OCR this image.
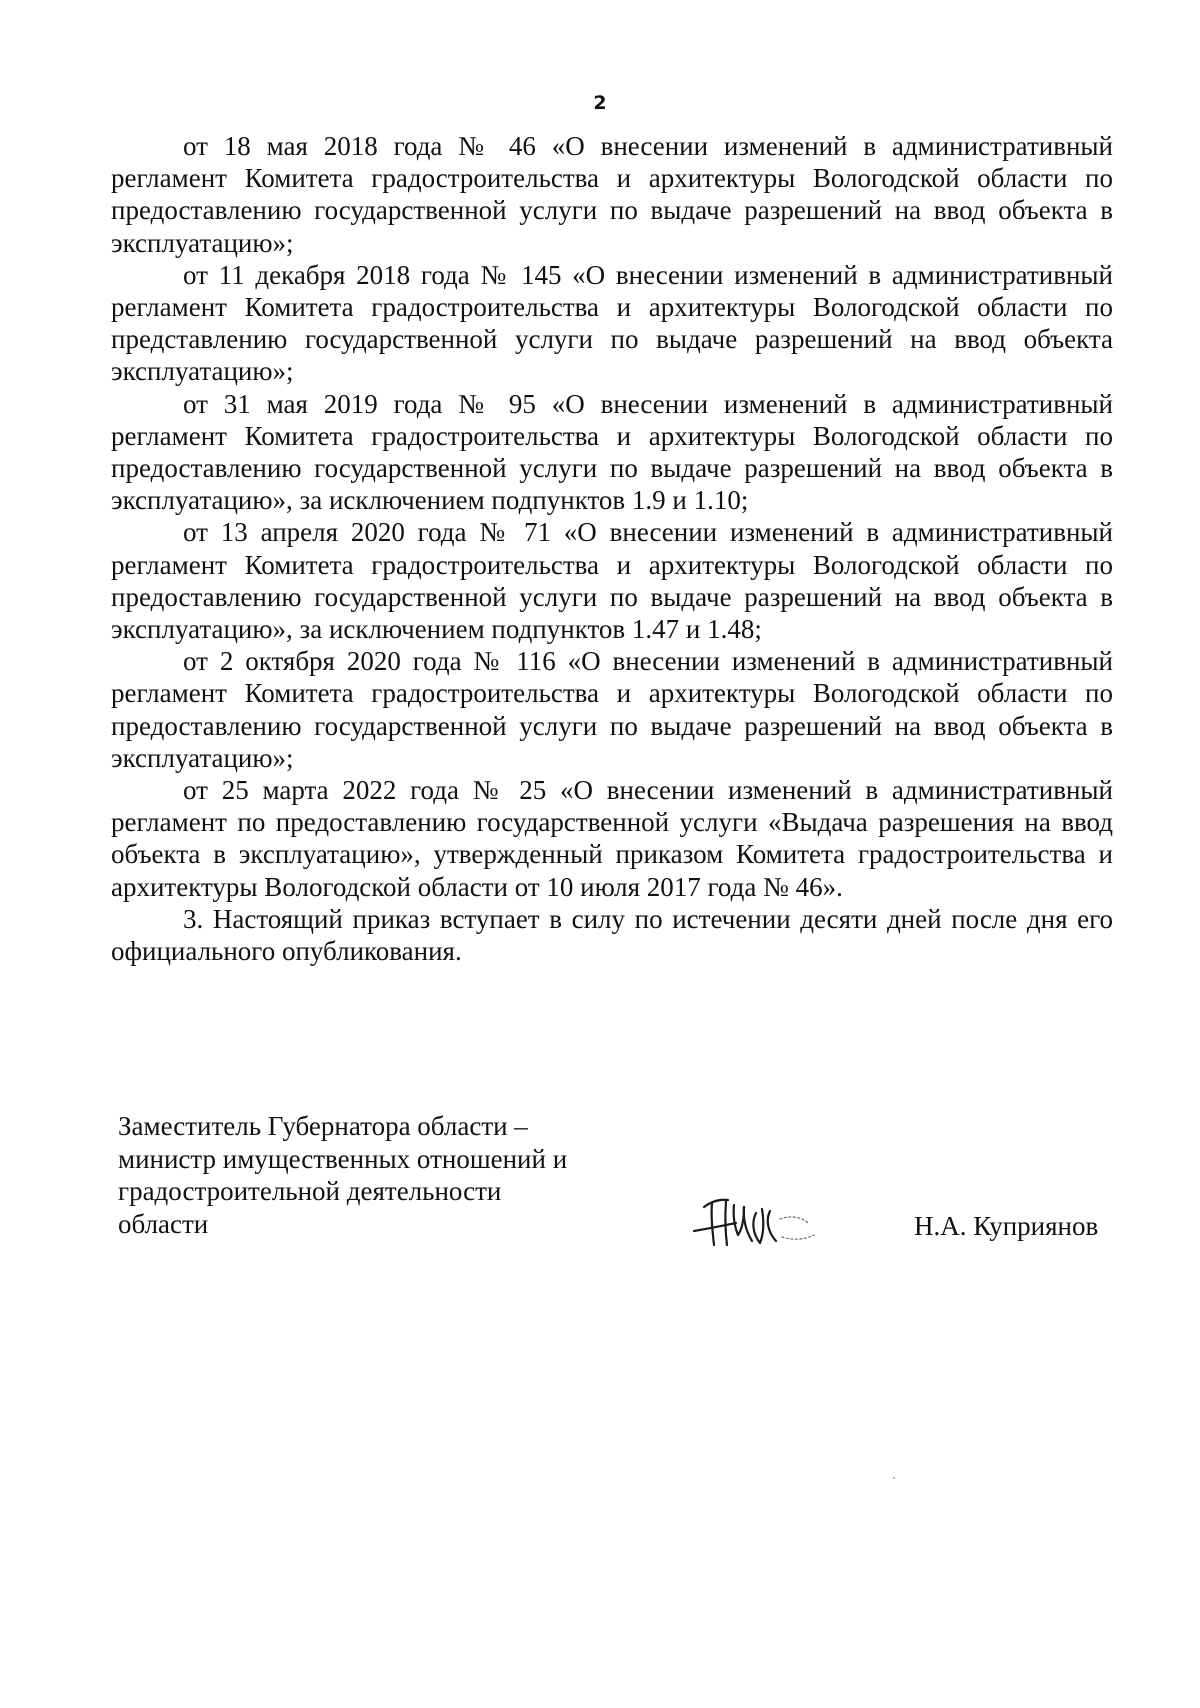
2

от 18 мая 2018 года № 46 «О внесении изменений в административный регламент Комитета градостроительства и архитектуры Вологодской области по предоставлению государственной услуги по выдаче разрешений на ввод объекта в эксплуатацию»;

от 11 декабря 2018 года № 145 «О внесении изменений в административный регламент Комитета градостроительства и архитектуры Вологодской области по представлению государственной услуги по выдаче разрешений на ввод объекта эксплуатацию»;

от 31 мая 2019 года № 95 «О внесении изменений в административный регламент Комитета градостроительства и архитектуры Вологодской области по предоставлению государственной услуги по выдаче разрешений на ввод объекта в эксплуатацию», за исключением подпунктов 1.9 и 1.10;

от 13 апреля 2020 года № 71 «О внесении изменений в административный регламент Комитета градостроительства и архитектуры Вологодской области по предоставлению государственной услуги по выдаче разрешений на ввод объекта в эксплуатацию», за исключением подпунктов 1.47 и 1.48;

от 2 октября 2020 года № 116 «О внесении изменений в административный регламент Комитета градостроительства и архитектуры Вологодской области по предоставлению государственной услуги по выдаче разрешений на ввод объекта в эксплуатацию»;

от 25 марта 2022 года № 25 «О внесении изменений в административный регламент по предоставлению государственной услуги «Выдача разрешения на ввод объекта в эксплуатацию», утвержденный приказом Комитета градостроительства и архитектуры Вологодской области от 10 июля 2017 года № 46».

3. Настоящий приказ вступает в силу по истечении десяти дней после дня его официального опубликования.

Заместитель Губернатора области –
министр имущественных отношений и
градостроительной деятельности
области	Н.А. Куприянов
